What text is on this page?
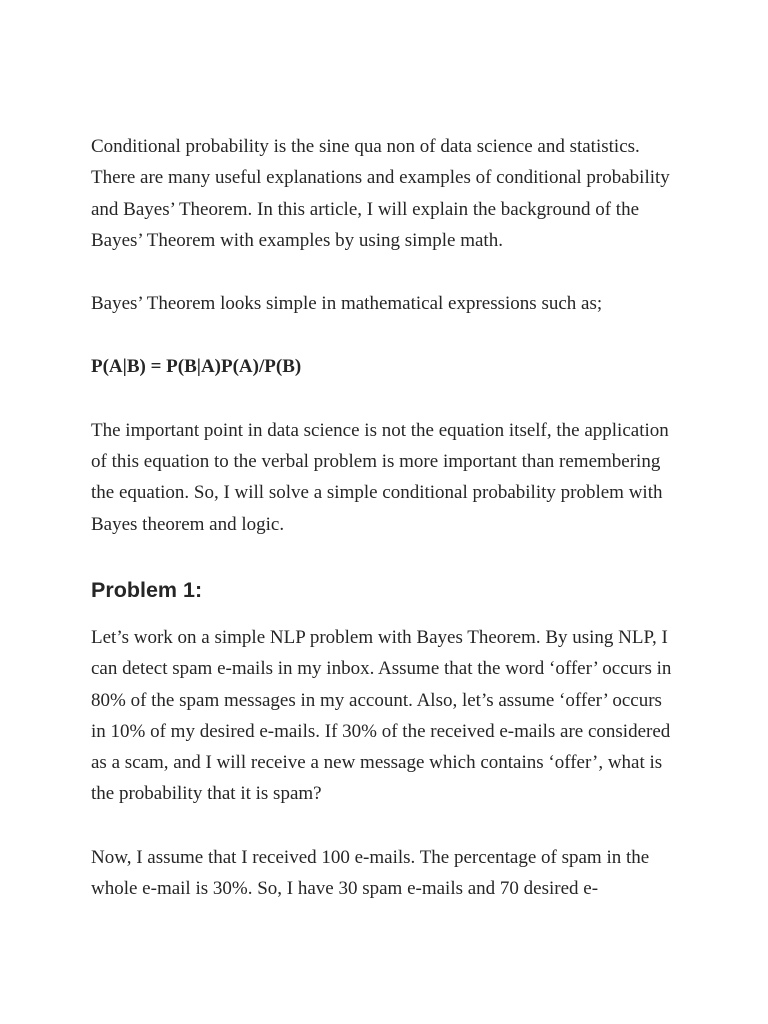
Conditional probability is the sine qua non of data science and statistics. There are many useful explanations and examples of conditional probability and Bayes’ Theorem. In this article, I will explain the background of the Bayes’ Theorem with examples by using simple math.

Bayes’ Theorem looks simple in mathematical expressions such as;

P(A|B) = P(B|A)P(A)/P(B)

The important point in data science is not the equation itself, the application of this equation to the verbal problem is more important than remembering the equation. So, I will solve a simple conditional probability problem with Bayes theorem and logic.

Problem 1:

Let’s work on a simple NLP problem with Bayes Theorem. By using NLP, I can detect spam e-mails in my inbox. Assume that the word ‘offer’ occurs in 80% of the spam messages in my account. Also, let’s assume ‘offer’ occurs in 10% of my desired e-mails. If 30% of the received e-mails are considered as a scam, and I will receive a new message which contains ‘offer’, what is the probability that it is spam?

Now, I assume that I received 100 e-mails. The percentage of spam in the whole e-mail is 30%. So, I have 30 spam e-mails and 70 desired e-
